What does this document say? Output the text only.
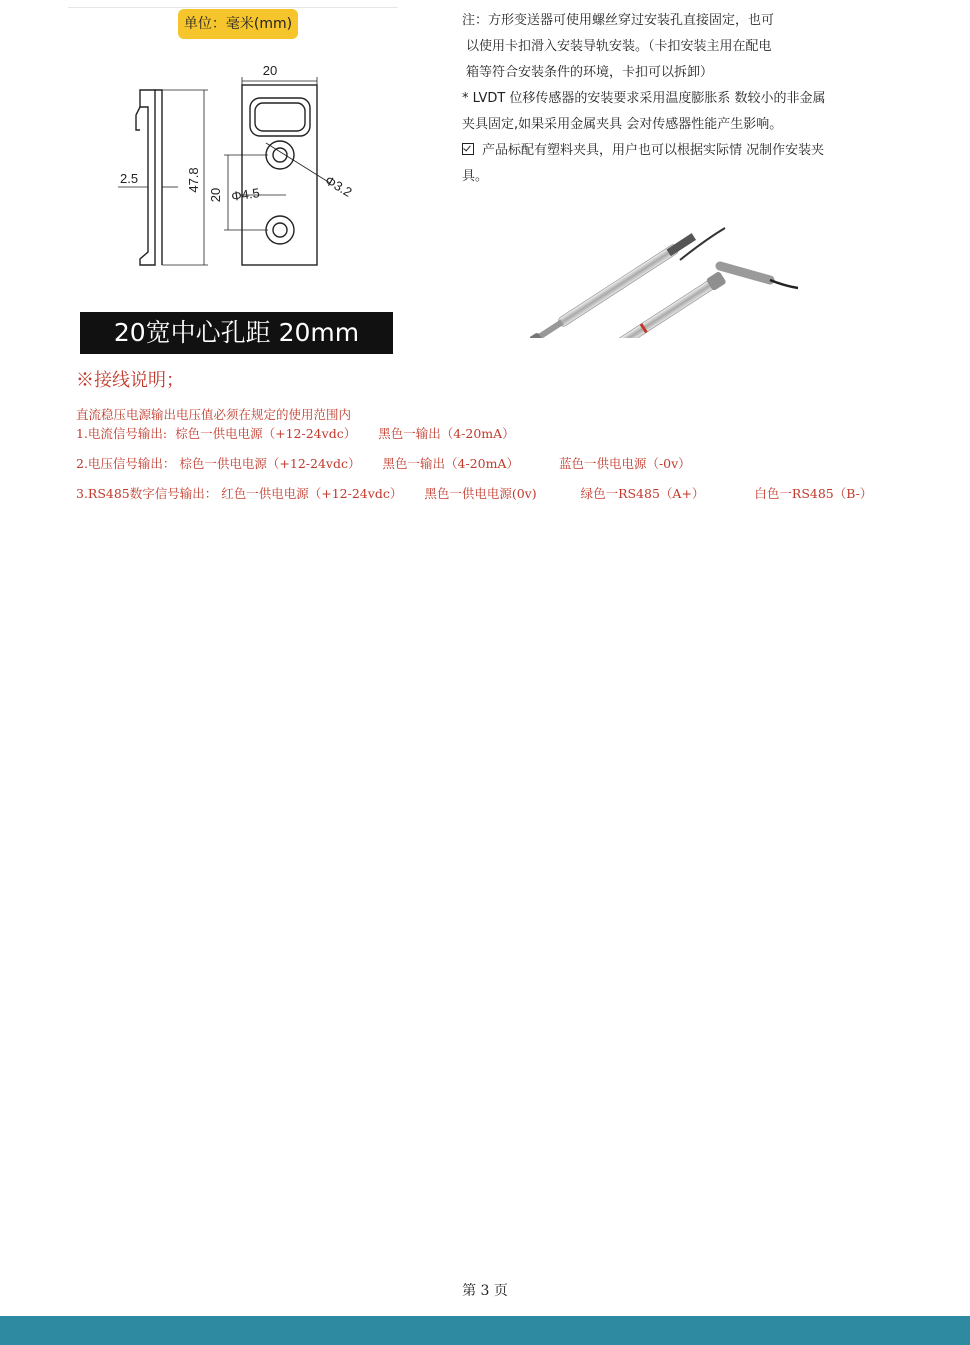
单位：毫米(mm)
20
2.5	47.8
20 Φ4.5	Φ3.2
20宽中心孔距 20mm

注：方形变送器可使用螺丝穿过安装孔直接固定，也可

以使用卡扣滑入安装导轨安装。（卡扣安装主用在配电

箱等符合安装条件的环境，卡扣可以拆卸）

* LVDT 位移传感器的安装要求采用温度膨胀系 数较小的非金属

夹具固定,如果采用金属夹具 会对传感器性能产生影响。

产品标配有塑料夹具，用户也可以根据实际情 况制作安装夹

具。

※接线说明；
直流稳压电源输出电压值必须在规定的使用范围内
1.电流信号输出: 棕色一供电电源（+12-24vdc） 黑色一输出（4-20mA）
2.电压信号输出： 棕色一供电电源（+12-24vdc） 黑色一输出（4-20mA）	蓝色一供电电源（-0v）
3.RS485数字信号输出： 红色一供电电源（+12-24vdc） 黑色一供电电源(0v)	绿色一RS485（A+）	白色一RS485（B-）
第 3 页
